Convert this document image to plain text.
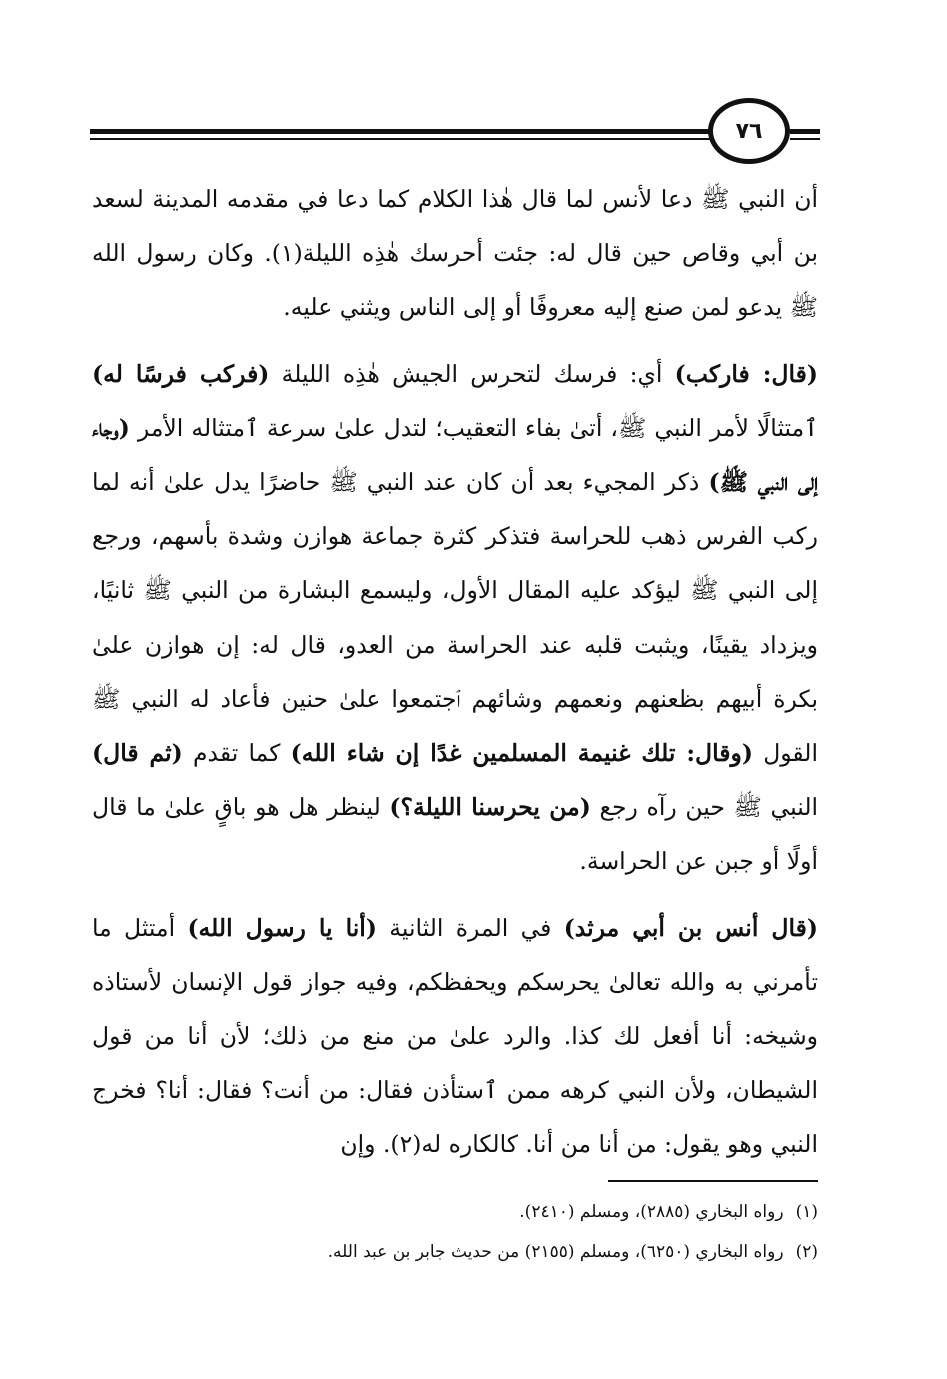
٧٦

أن النبي ﷺ دعا لأنس لما قال هٰذا الكلام كما دعا في مقدمه المدينة لسعد بن أبي وقاص حين قال له: جئت أحرسك هٰذِه الليلة(١). وكان رسول الله ﷺ يدعو لمن صنع إليه معروفًا أو إلى الناس ويثني عليه.

(قال: فاركب) أي: فرسك لتحرس الجيش هٰذِه الليلة (فركب فرسًا له) ٱمتثالًا لأمر النبي ﷺ، أتىٰ بفاء التعقيب؛ لتدل علىٰ سرعة ٱمتثاله الأمر (وجاء إلى النبي ﷺ) ذكر المجيء بعد أن كان عند النبي ﷺ حاضرًا يدل علىٰ أنه لما ركب الفرس ذهب للحراسة فتذكر كثرة جماعة هوازن وشدة بأسهم، ورجع إلى النبي ﷺ ليؤكد عليه المقال الأول، وليسمع البشارة من النبي ﷺ ثانيًا، ويزداد يقينًا، ويثبت قلبه عند الحراسة من العدو، قال له: إن هوازن علىٰ بكرة أبيهم بظعنهم ونعمهم وشائهم ٱجتمعوا علىٰ حنين فأعاد له النبي ﷺ القول (وقال: تلك غنيمة المسلمين غدًا إن شاء الله) كما تقدم (ثم قال) النبي ﷺ حين رآه رجع (من يحرسنا الليلة؟) لينظر هل هو باقٍ علىٰ ما قال أولًا أو جبن عن الحراسة.

(قال أنس بن أبي مرثد) في المرة الثانية (أنا يا رسول الله) أمتثل ما تأمرني به والله تعالىٰ يحرسكم ويحفظكم، وفيه جواز قول الإنسان لأستاذه وشيخه: أنا أفعل لك كذا. والرد علىٰ من منع من ذلك؛ لأن أنا من قول الشيطان، ولأن النبي كرهه ممن ٱستأذن فقال: من أنت؟ فقال: أنا؟ فخرج النبي وهو يقول: من أنا من أنا. كالكاره له(٢). وإن

(١)رواه البخاري (٢٨٨٥)، ومسلم (٢٤١٠).
(٢)رواه البخاري (٦٢٥٠)، ومسلم (٢١٥٥) من حديث جابر بن عبد الله.
